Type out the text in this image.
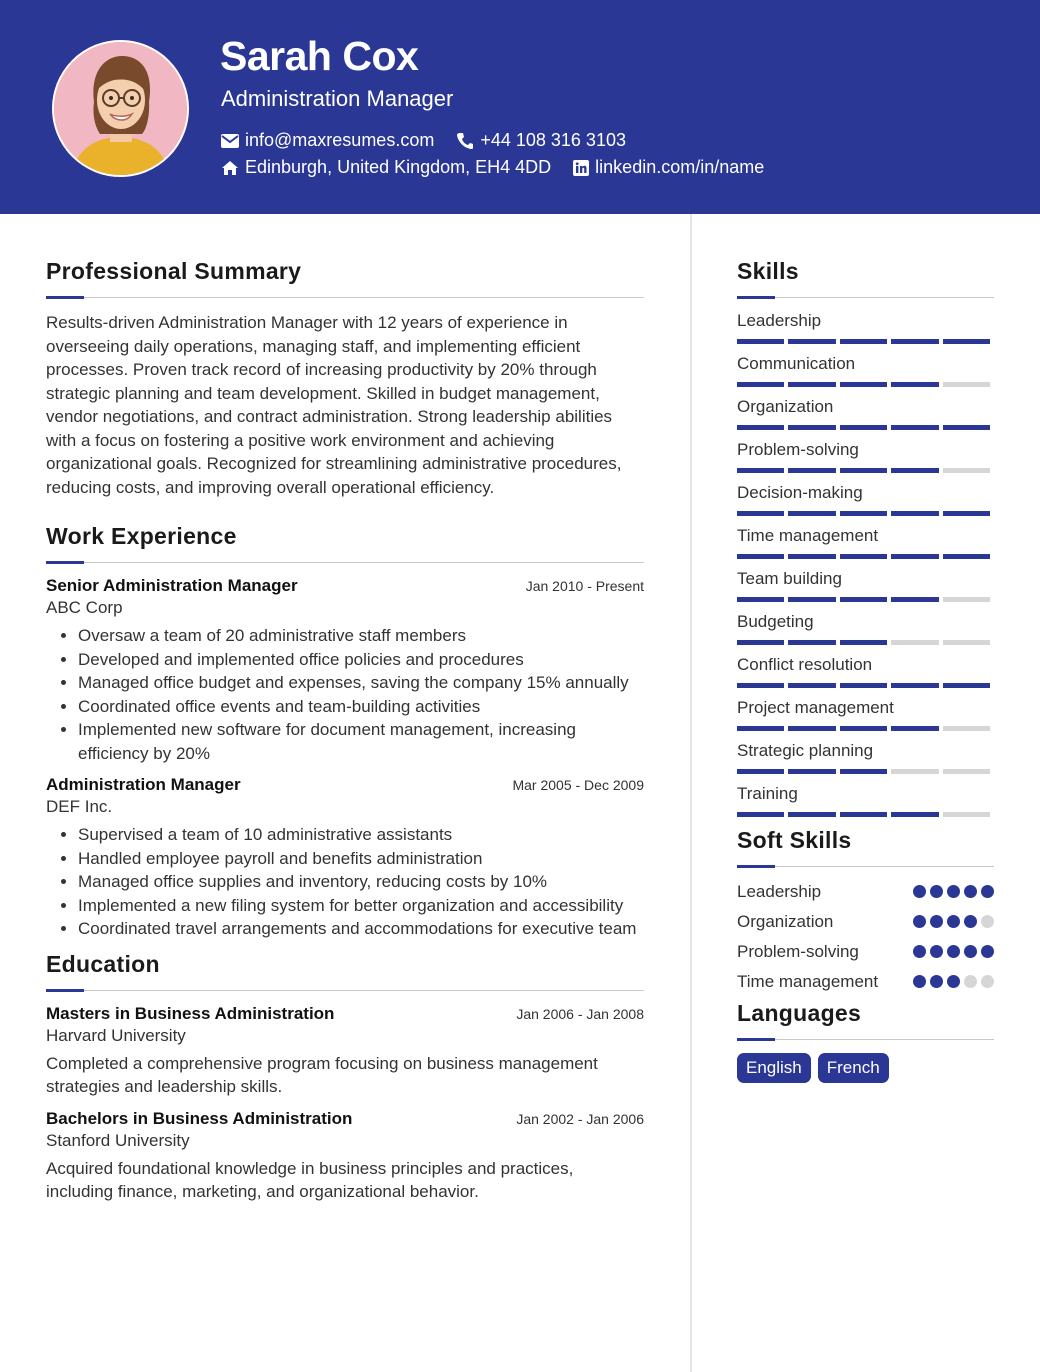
Sarah Cox
Administration Manager
info@maxresumes.com	+44 108 316 3103
Edinburgh, United Kingdom, EH4 4DD linkedin.com/in/name
Professional Summary

Results-driven Administration Manager with 12 years of experience in overseeing daily operations, managing staff, and implementing efficient processes. Proven track record of increasing productivity by 20% through strategic planning and team development. Skilled in budget management, vendor negotiations, and contract administration. Strong leadership abilities with a focus on fostering a positive work environment and achieving organizational goals. Recognized for streamlining administrative procedures, reducing costs, and improving overall operational efficiency.

Work Experience
Senior Administration Manager	Jan 2010 - Present
ABC Corp
• Oversaw a team of 20 administrative staff members
• Developed and implemented office policies and procedures
• Managed office budget and expenses, saving the company 15% annually
• Coordinated office events and team-building activities
• Implemented new software for document management, increasing efficiency by 20%
Administration Manager	Mar 2005 - Dec 2009
DEF Inc.
• Supervised a team of 10 administrative assistants
• Handled employee payroll and benefits administration
• Managed office supplies and inventory, reducing costs by 10%
• Implemented a new filing system for better organization and accessibility
• Coordinated travel arrangements and accommodations for executive team
Education
Masters in Business Administration	Jan 2006 - Jan 2008
Harvard University

Completed a comprehensive program focusing on business management strategies and leadership skills.

Bachelors in Business Administration	Jan 2002 - Jan 2006
Stanford University

Acquired foundational knowledge in business principles and practices, including finance, marketing, and organizational behavior.

Skills
Leadership
Communication
Organization
Problem-solving
Decision-making
Time management
Team building
Budgeting
Conflict resolution
Project management
Strategic planning
Training
Soft Skills
Leadership
Organization
Problem-solving
Time management
Languages
English	French
